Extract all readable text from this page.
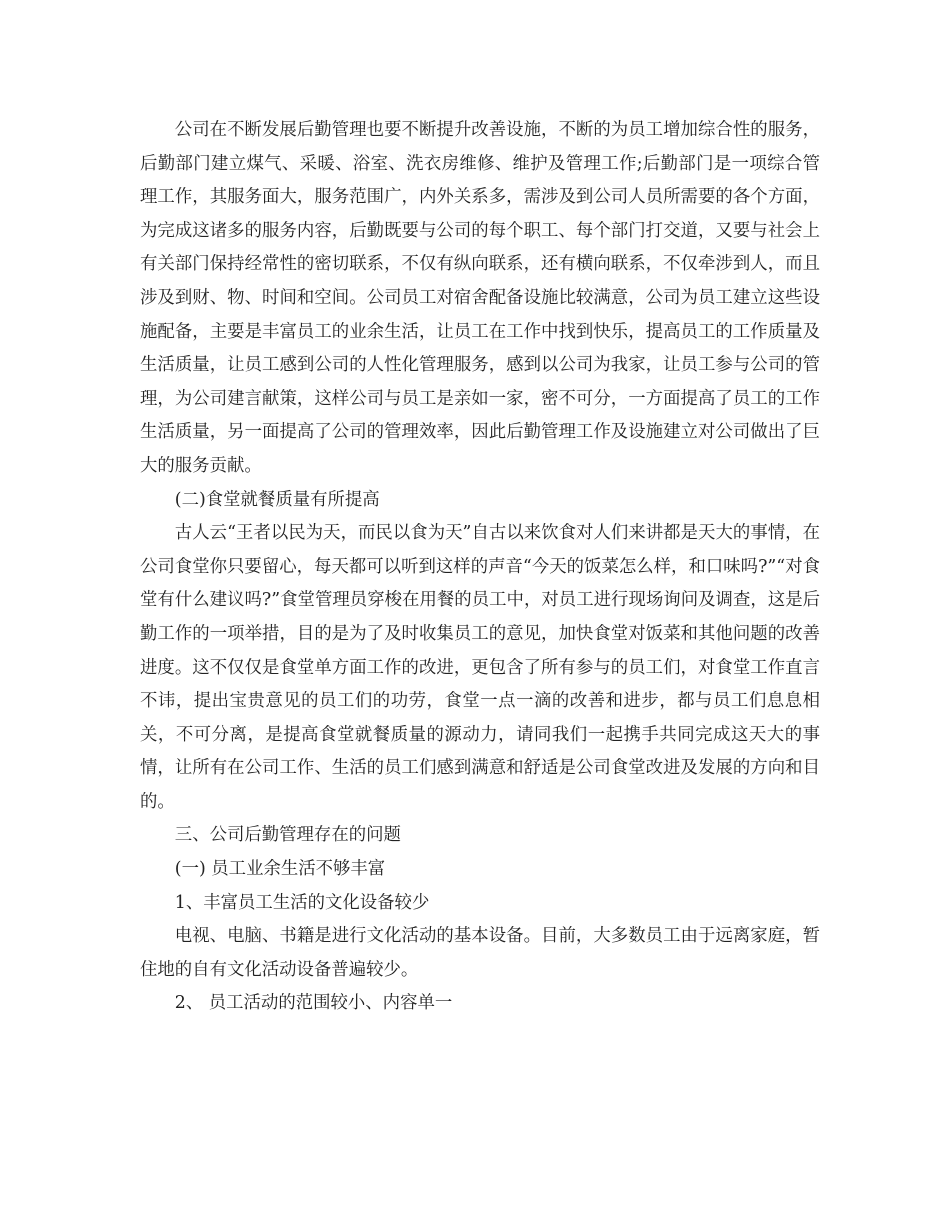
公司在不断发展后勤管理也要不断提升改善设施，不断的为员工增加综合性的服务，后勤部门建立煤气、采暖、浴室、洗衣房维修、维护及管理工作;后勤部门是一项综合管理工作，其服务面大，服务范围广，内外关系多，需涉及到公司人员所需要的各个方面，为完成这诸多的服务内容，后勤既要与公司的每个职工、每个部门打交道，又要与社会上有关部门保持经常性的密切联系，不仅有纵向联系，还有横向联系，不仅牵涉到人，而且涉及到财、物、时间和空间。公司员工对宿舍配备设施比较满意，公司为员工建立这些设施配备，主要是丰富员工的业余生活，让员工在工作中找到快乐，提高员工的工作质量及生活质量，让员工感到公司的人性化管理服务，感到以公司为我家，让员工参与公司的管理，为公司建言献策，这样公司与员工是亲如一家，密不可分，一方面提高了员工的工作生活质量，另一面提高了公司的管理效率，因此后勤管理工作及设施建立对公司做出了巨大的服务贡献。

(二)食堂就餐质量有所提高

古人云“王者以民为天，而民以食为天”自古以来饮食对人们来讲都是天大的事情，在公司食堂你只要留心，每天都可以听到这样的声音“今天的饭菜怎么样，和口味吗?”“对食堂有什么建议吗?”食堂管理员穿梭在用餐的员工中，对员工进行现场询问及调查，这是后勤工作的一项举措，目的是为了及时收集员工的意见，加快食堂对饭菜和其他问题的改善进度。这不仅仅是食堂单方面工作的改进，更包含了所有参与的员工们，对食堂工作直言不讳，提出宝贵意见的员工们的功劳，食堂一点一滴的改善和进步，都与员工们息息相关，不可分离，是提高食堂就餐质量的源动力，请同我们一起携手共同完成这天大的事情，让所有在公司工作、生活的员工们感到满意和舒适是公司食堂改进及发展的方向和目的。

三、公司后勤管理存在的问题

(一) 员工业余生活不够丰富

1、丰富员工生活的文化设备较少

电视、电脑、书籍是进行文化活动的基本设备。目前，大多数员工由于远离家庭，暂住地的自有文化活动设备普遍较少。

2、 员工活动的范围较小、内容单一
